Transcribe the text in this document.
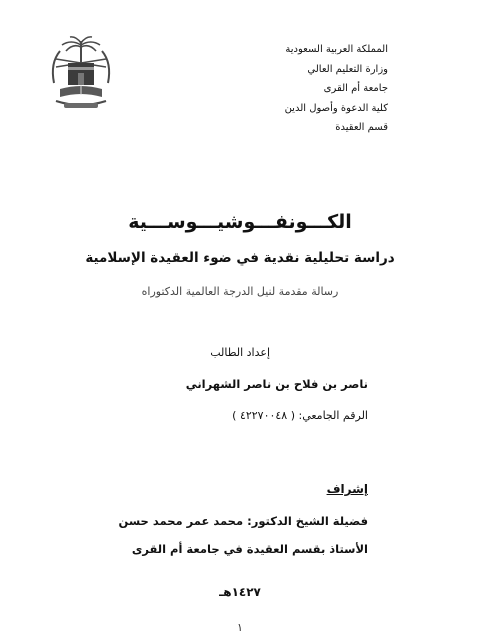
المملكة العربية السعودية
وزارة التعليم العالي
جامعة أم القرى
كلية الدعوة وأصول الدين
قسم العقيدة
الكـــونفـــوشيـــوســـية
دراسة تحليلية نقدية في ضوء العقيدة الإسلامية
رسالة مقدمة لنيل الدرجة العالمية الدكتوراه
إعداد الطالب
ناصر بن فلاح بن ناصر الشهراني
الرقم الجامعي: ( ٤٢٢٧٠٠٤٨ )
إشراف
فضيلة الشيخ الدكتور: محمد عمر محمد حسن
الأستاذ بقسم العقيدة في جامعة أم القرى
١٤٢٧هـ
١
